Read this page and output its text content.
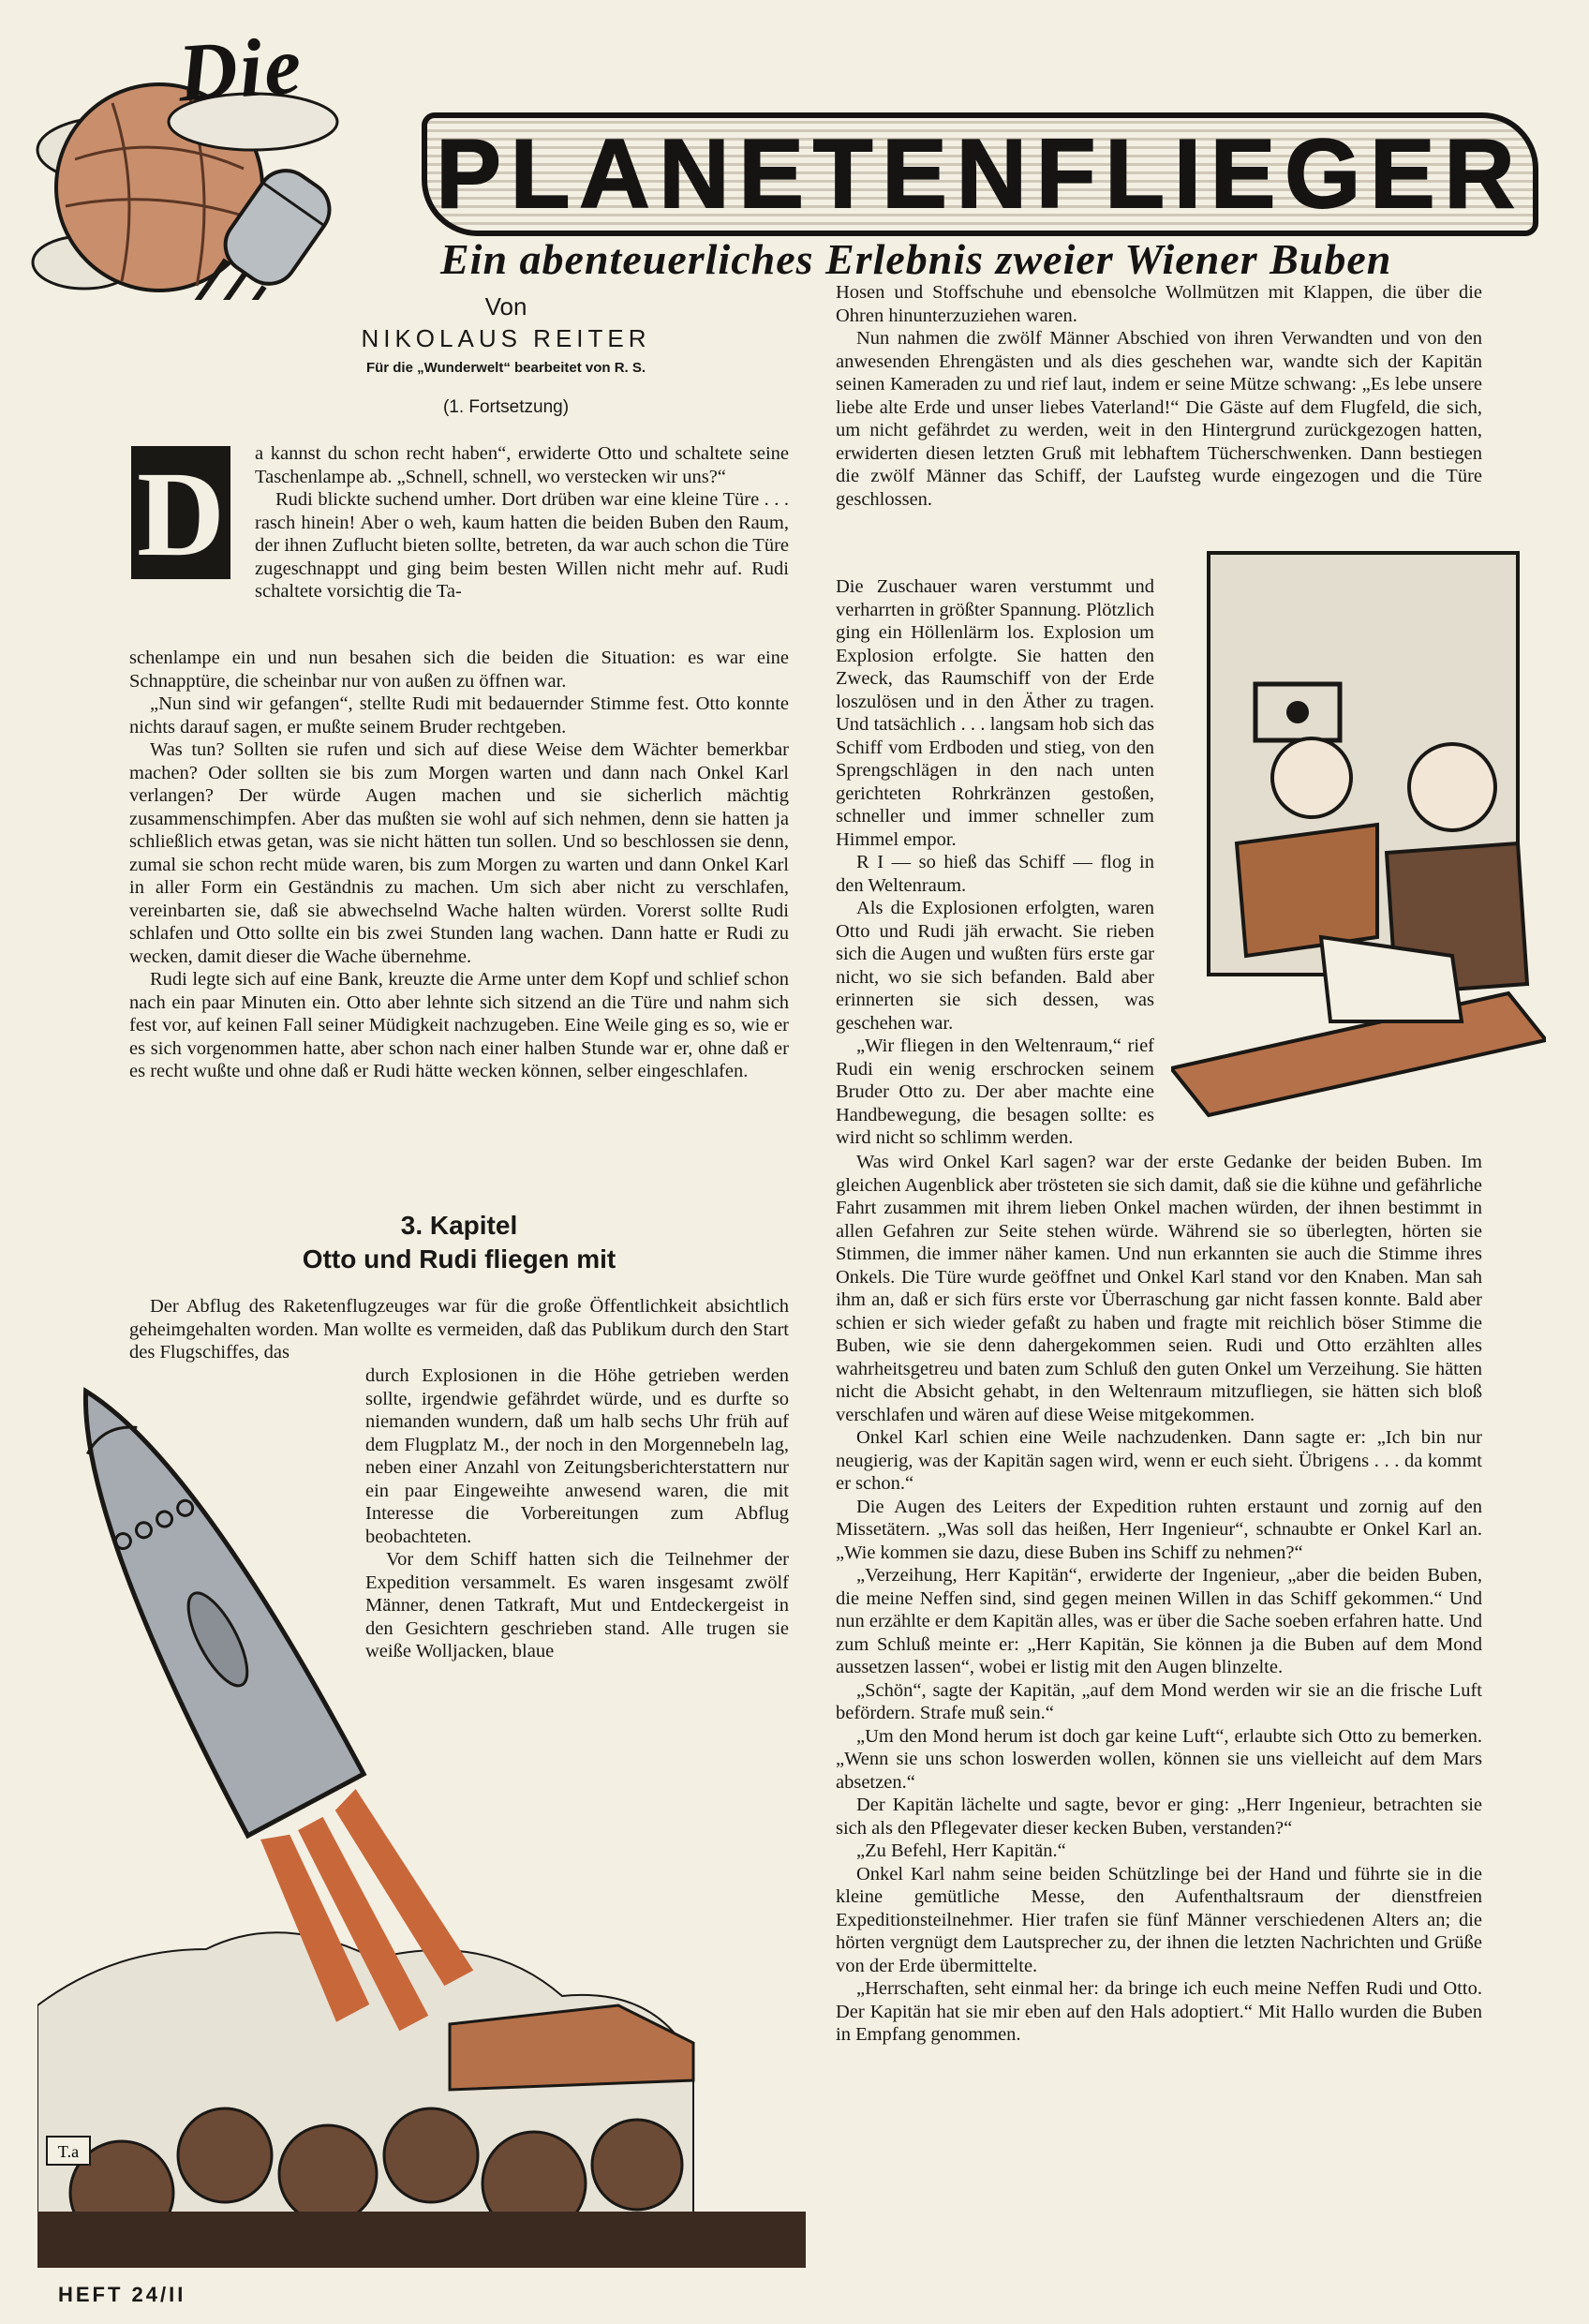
Die
PLANETENFLIEGER
Ein abenteuerliches Erlebnis zweier Wiener Buben
Von
NIKOLAUS REITER
Für die „Wunderwelt“ bearbeitet von R. S.
(1. Fortsetzung)
D a kannst du schon recht haben“, erwiderte Otto und schaltete seine Taschenlampe ab. „Schnell, schnell, wo verstecken wir uns?“

Rudi blickte suchend umher. Dort drüben war eine kleine Türe . . . rasch hinein! Aber o weh, kaum hatten die beiden Buben den Raum, der ihnen Zuflucht bieten sollte, betreten, da war auch schon die Türe zugeschnappt und ging beim besten Willen nicht mehr auf. Rudi schaltete vorsichtig die Ta-

schenlampe ein und nun besahen sich die beiden die Situation: es war eine Schnapptüre, die scheinbar nur von außen zu öffnen war.

„Nun sind wir gefangen“, stellte Rudi mit bedauernder Stimme fest. Otto konnte nichts darauf sagen, er mußte seinem Bruder rechtgeben.

Was tun? Sollten sie rufen und sich auf diese Weise dem Wächter bemerkbar machen? Oder sollten sie bis zum Morgen warten und dann nach Onkel Karl verlangen? Der würde Augen machen und sie sicherlich mächtig zusammenschimpfen. Aber das mußten sie wohl auf sich nehmen, denn sie hatten ja schließlich etwas getan, was sie nicht hätten tun sollen. Und so beschlossen sie denn, zumal sie schon recht müde waren, bis zum Morgen zu warten und dann Onkel Karl in aller Form ein Geständnis zu machen. Um sich aber nicht zu verschlafen, vereinbarten sie, daß sie abwechselnd Wache halten würden. Vorerst sollte Rudi schlafen und Otto sollte ein bis zwei Stunden lang wachen. Dann hatte er Rudi zu wecken, damit dieser die Wache übernehme.

Rudi legte sich auf eine Bank, kreuzte die Arme unter dem Kopf und schlief schon nach ein paar Minuten ein. Otto aber lehnte sich sitzend an die Türe und nahm sich fest vor, auf keinen Fall seiner Müdigkeit nachzugeben. Eine Weile ging es so, wie er es sich vorgenommen hatte, aber schon nach einer halben Stunde war er, ohne daß er es recht wußte und ohne daß er Rudi hätte wecken können, selber eingeschlafen.

3. Kapitel
Otto und Rudi fliegen mit

Der Abflug des Raketenflugzeuges war für die große Öffentlichkeit absichtlich geheimgehalten worden. Man wollte es vermeiden, daß das Publikum durch den Start des Flugschiffes, das

durch Explosionen in die Höhe getrieben werden sollte, irgendwie gefährdet würde, und es durfte so niemanden wundern, daß um halb sechs Uhr früh auf dem Flugplatz M., der noch in den Morgennebeln lag, neben einer Anzahl von Zeitungsberichterstattern nur ein paar Eingeweihte anwesend waren, die mit Interesse die Vorbereitungen zum Abflug beobachteten.

Vor dem Schiff hatten sich die Teilnehmer der Expedition versammelt. Es waren insgesamt zwölf Männer, denen Tatkraft, Mut und Entdeckergeist in den Gesichtern geschrieben stand. Alle trugen sie weiße Wolljacken, blaue

T.a

Hosen und Stoffschuhe und ebensolche Wollmützen mit Klappen, die über die Ohren hinunterzuziehen waren.

Nun nahmen die zwölf Männer Abschied von ihren Verwandten und von den anwesenden Ehrengästen und als dies geschehen war, wandte sich der Kapitän seinen Kameraden zu und rief laut, indem er seine Mütze schwang: „Es lebe unsere liebe alte Erde und unser liebes Vaterland!“ Die Gäste auf dem Flugfeld, die sich, um nicht gefährdet zu werden, weit in den Hintergrund zurückgezogen hatten, erwiderten diesen letzten Gruß mit lebhaftem Tücherschwenken. Dann bestiegen die zwölf Männer das Schiff, der Laufsteg wurde eingezogen und die Türe geschlossen.

Die Zuschauer waren verstummt und verharrten in größter Spannung. Plötzlich ging ein Höllenlärm los. Explosion um Explosion erfolgte. Sie hatten den Zweck, das Raumschiff von der Erde loszulösen und in den Äther zu tragen. Und tatsächlich . . . langsam hob sich das Schiff vom Erdboden und stieg, von den Sprengschlägen in den nach unten gerichteten Rohrkränzen gestoßen, schneller und immer schneller zum Himmel empor.

R I — so hieß das Schiff — flog in den Weltenraum.

Als die Explosionen erfolgten, waren Otto und Rudi jäh erwacht. Sie rieben sich die Augen und wußten fürs erste gar nicht, wo sie sich befanden. Bald aber erinnerten sie sich dessen, was geschehen war.

„Wir fliegen in den Weltenraum,“ rief Rudi ein wenig erschrocken seinem Bruder Otto zu. Der aber machte eine Handbewegung, die besagen sollte: es wird nicht so schlimm werden.

Was wird Onkel Karl sagen? war der erste Gedanke der beiden Buben. Im gleichen Augenblick aber trösteten sie sich damit, daß sie die kühne und gefährliche Fahrt zusammen mit ihrem lieben Onkel machen würden, der ihnen bestimmt in allen Gefahren zur Seite stehen würde. Während sie so überlegten, hörten sie Stimmen, die immer näher kamen. Und nun erkannten sie auch die Stimme ihres Onkels. Die Türe wurde geöffnet und Onkel Karl stand vor den Knaben. Man sah ihm an, daß er sich fürs erste vor Überraschung gar nicht fassen konnte. Bald aber schien er sich wieder gefaßt zu haben und fragte mit reichlich böser Stimme die Buben, wie sie denn dahergekommen seien. Rudi und Otto erzählten alles wahrheitsgetreu und baten zum Schluß den guten Onkel um Verzeihung. Sie hätten nicht die Absicht gehabt, in den Weltenraum mitzufliegen, sie hätten sich bloß verschlafen und wären auf diese Weise mitgekommen.

Onkel Karl schien eine Weile nachzudenken. Dann sagte er: „Ich bin nur neugierig, was der Kapitän sagen wird, wenn er euch sieht. Übrigens . . . da kommt er schon.“

Die Augen des Leiters der Expedition ruhten erstaunt und zornig auf den Missetätern. „Was soll das heißen, Herr Ingenieur“, schnaubte er Onkel Karl an. „Wie kommen sie dazu, diese Buben ins Schiff zu nehmen?“

„Verzeihung, Herr Kapitän“, erwiderte der Ingenieur, „aber die beiden Buben, die meine Neffen sind, sind gegen meinen Willen in das Schiff gekommen.“ Und nun erzählte er dem Kapitän alles, was er über die Sache soeben erfahren hatte. Und zum Schluß meinte er: „Herr Kapitän, Sie können ja die Buben auf dem Mond aussetzen lassen“, wobei er listig mit den Augen blinzelte.

„Schön“, sagte der Kapitän, „auf dem Mond werden wir sie an die frische Luft befördern. Strafe muß sein.“

„Um den Mond herum ist doch gar keine Luft“, erlaubte sich Otto zu bemerken. „Wenn sie uns schon loswerden wollen, können sie uns vielleicht auf dem Mars absetzen.“

Der Kapitän lächelte und sagte, bevor er ging: „Herr Ingenieur, betrachten sie sich als den Pflegevater dieser kecken Buben, verstanden?“

„Zu Befehl, Herr Kapitän.“

Onkel Karl nahm seine beiden Schützlinge bei der Hand und führte sie in die kleine gemütliche Messe, den Aufenthaltsraum der dienstfreien Expeditionsteilnehmer. Hier trafen sie fünf Männer verschiedenen Alters an; die hörten vergnügt dem Lautsprecher zu, der ihnen die letzten Nachrichten und Grüße von der Erde übermittelte.

„Herrschaften, seht einmal her: da bringe ich euch meine Neffen Rudi und Otto. Der Kapitän hat sie mir eben auf den Hals adoptiert.“ Mit Hallo wurden die Buben in Empfang genommen.

HEFT 24/II
